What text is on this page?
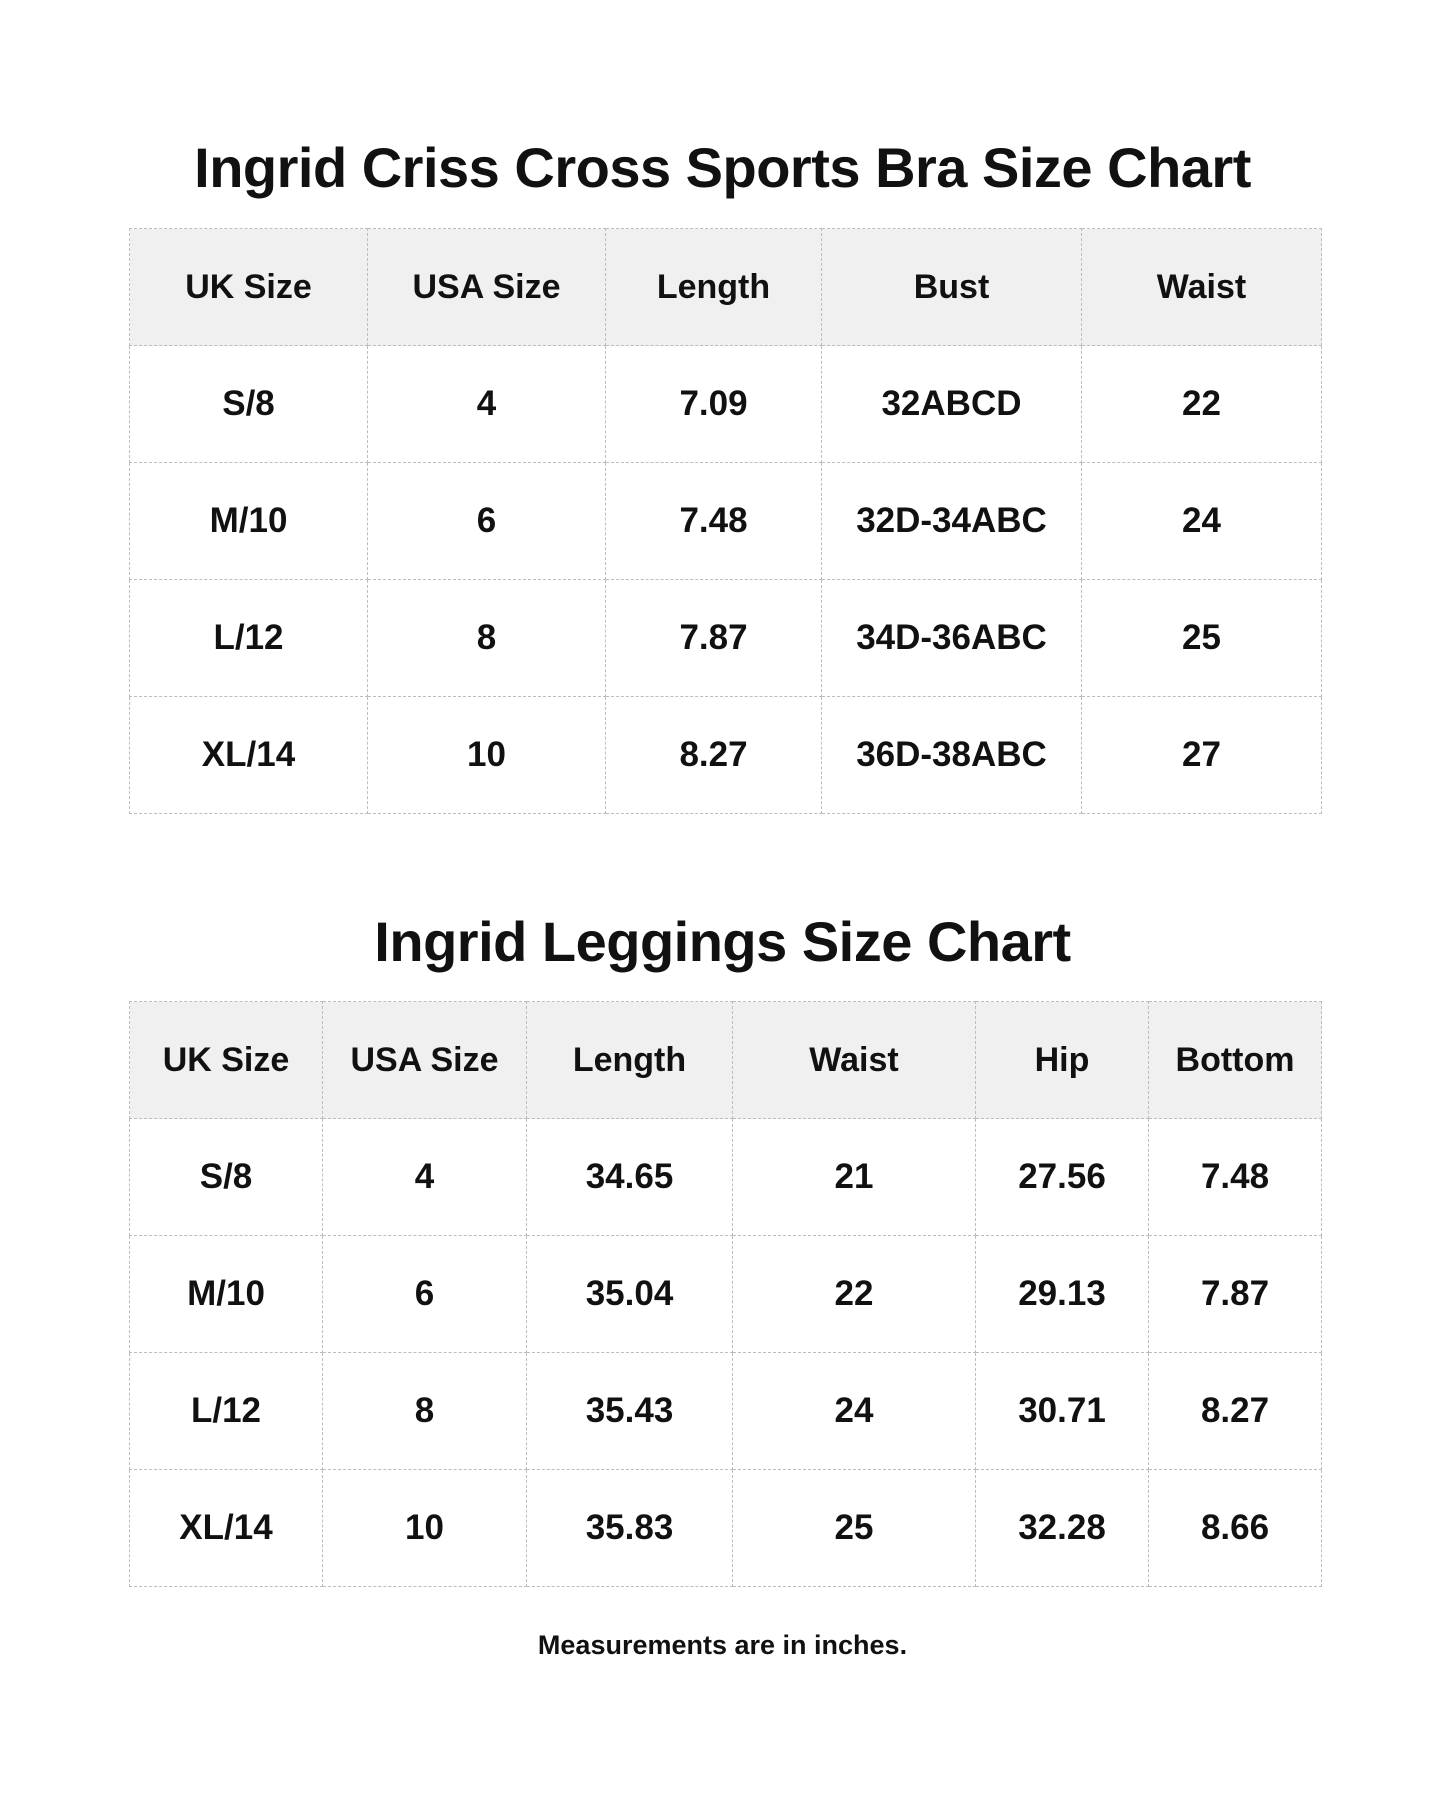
Ingrid Criss Cross Sports Bra Size Chart
UK Size	USA Size	Length	Bust	Waist
S/8	4	7.09	32ABCD	22
M/10	6	7.48	32D-34ABC	24
L/12	8	7.87	34D-36ABC	25
XL/14	10	8.27	36D-38ABC	27
Ingrid Leggings Size Chart
UK Size	USA Size	Length	Waist	Hip	Bottom
S/8	4	34.65	21	27.56	7.48
M/10	6	35.04	22	29.13	7.87
L/12	8	35.43	24	30.71	8.27
XL/14	10	35.83	25	32.28	8.66

Measurements are in inches.
